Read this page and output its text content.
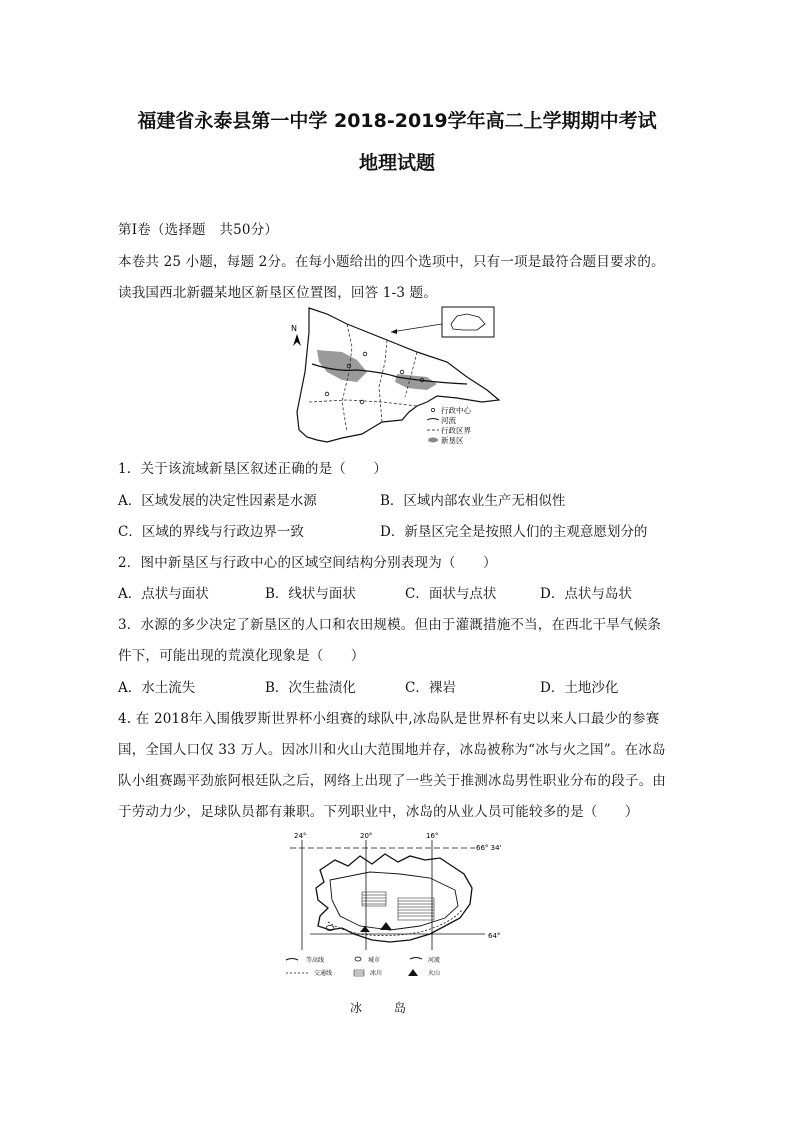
福建省永泰县第一中学 2018-2019学年高二上学期期中考试
地理试题
第Ⅰ卷（选择题　共50分）
本卷共 25 小题，每题 2分。在每小题给出的四个选项中，只有一项是最符合题目要求的。
读我国西北新疆某地区新垦区位置图，回答 1-3 题。
N
行政中心
河流
行政区界
新垦区
1．关于该流域新垦区叙述正确的是（　　）
A．区域发展的决定性因素是水源	B．区域内部农业生产无相似性
C．区域的界线与行政边界一致	D．新垦区完全是按照人们的主观意愿划分的
2．图中新垦区与行政中心的区域空间结构分别表现为（　　）
A．点状与面状	B．线状与面状	C．面状与点状	D．点状与岛状
3．水源的多少决定了新垦区的人口和农田规模。但由于灌溉措施不当，在西北干旱气候条
件下，可能出现的荒漠化现象是（　　）
A．水土流失	B．次生盐渍化	C．裸岩	D．土地沙化
4. 在 2018年入围俄罗斯世界杯小组赛的球队中,冰岛队是世界杯有史以来人口最少的参赛
国，全国人口仅 33 万人。因冰川和火山大范围地并存，冰岛被称为“冰与火之国”。在冰岛
队小组赛踢平劲旅阿根廷队之后，网络上出现了一些关于推测冰岛男性职业分布的段子。由
于劳动力少，足球队员都有兼职。下列职业中，冰岛的从业人员可能较多的是（　　）
24°	20°	16°
66° 34'
64°
等高线	城市	河流
交通线	冰川	火山
冰　岛
